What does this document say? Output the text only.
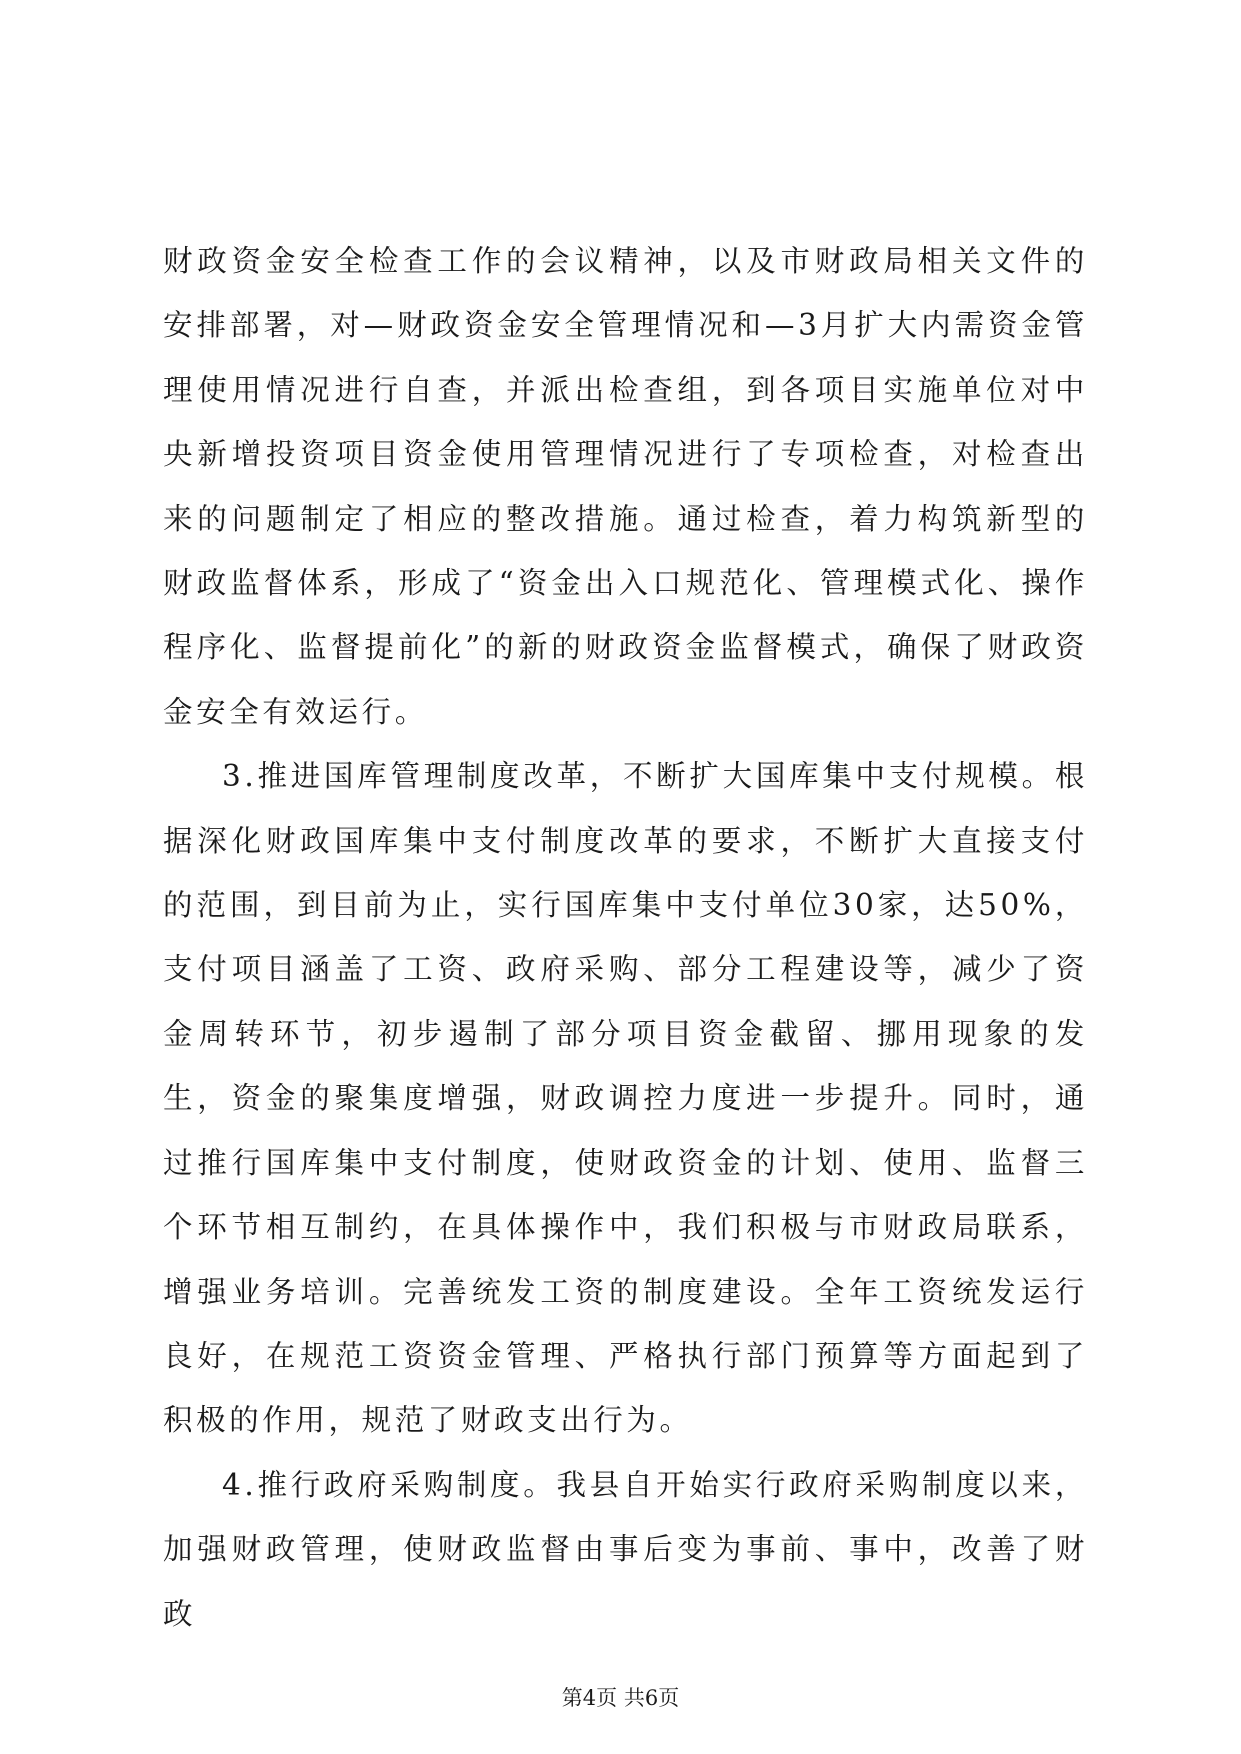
财政资金安全检查工作的会议精神，以及市财政局相关文件的安排部署，对—财政资金安全管理情况和—3月扩大内需资金管理使用情况进行自查，并派出检查组，到各项目实施单位对中央新增投资项目资金使用管理情况进行了专项检查，对检查出来的问题制定了相应的整改措施。通过检查，着力构筑新型的财政监督体系，形成了“资金出入口规范化、管理模式化、操作程序化、监督提前化”的新的财政资金监督模式，确保了财政资金安全有效运行。

3.推进国库管理制度改革，不断扩大国库集中支付规模。根据深化财政国库集中支付制度改革的要求，不断扩大直接支付的范围，到目前为止，实行国库集中支付单位30家，达50%，支付项目涵盖了工资、政府采购、部分工程建设等，减少了资金周转环节，初步遏制了部分项目资金截留、挪用现象的发生，资金的聚集度增强，财政调控力度进一步提升。同时，通过推行国库集中支付制度，使财政资金的计划、使用、监督三个环节相互制约，在具体操作中，我们积极与市财政局联系，增强业务培训。完善统发工资的制度建设。全年工资统发运行良好，在规范工资资金管理、严格执行部门预算等方面起到了积极的作用，规范了财政支出行为。

4.推行政府采购制度。我县自开始实行政府采购制度以来，加强财政管理，使财政监督由事后变为事前、事中，改善了财政

第4页 共6页
